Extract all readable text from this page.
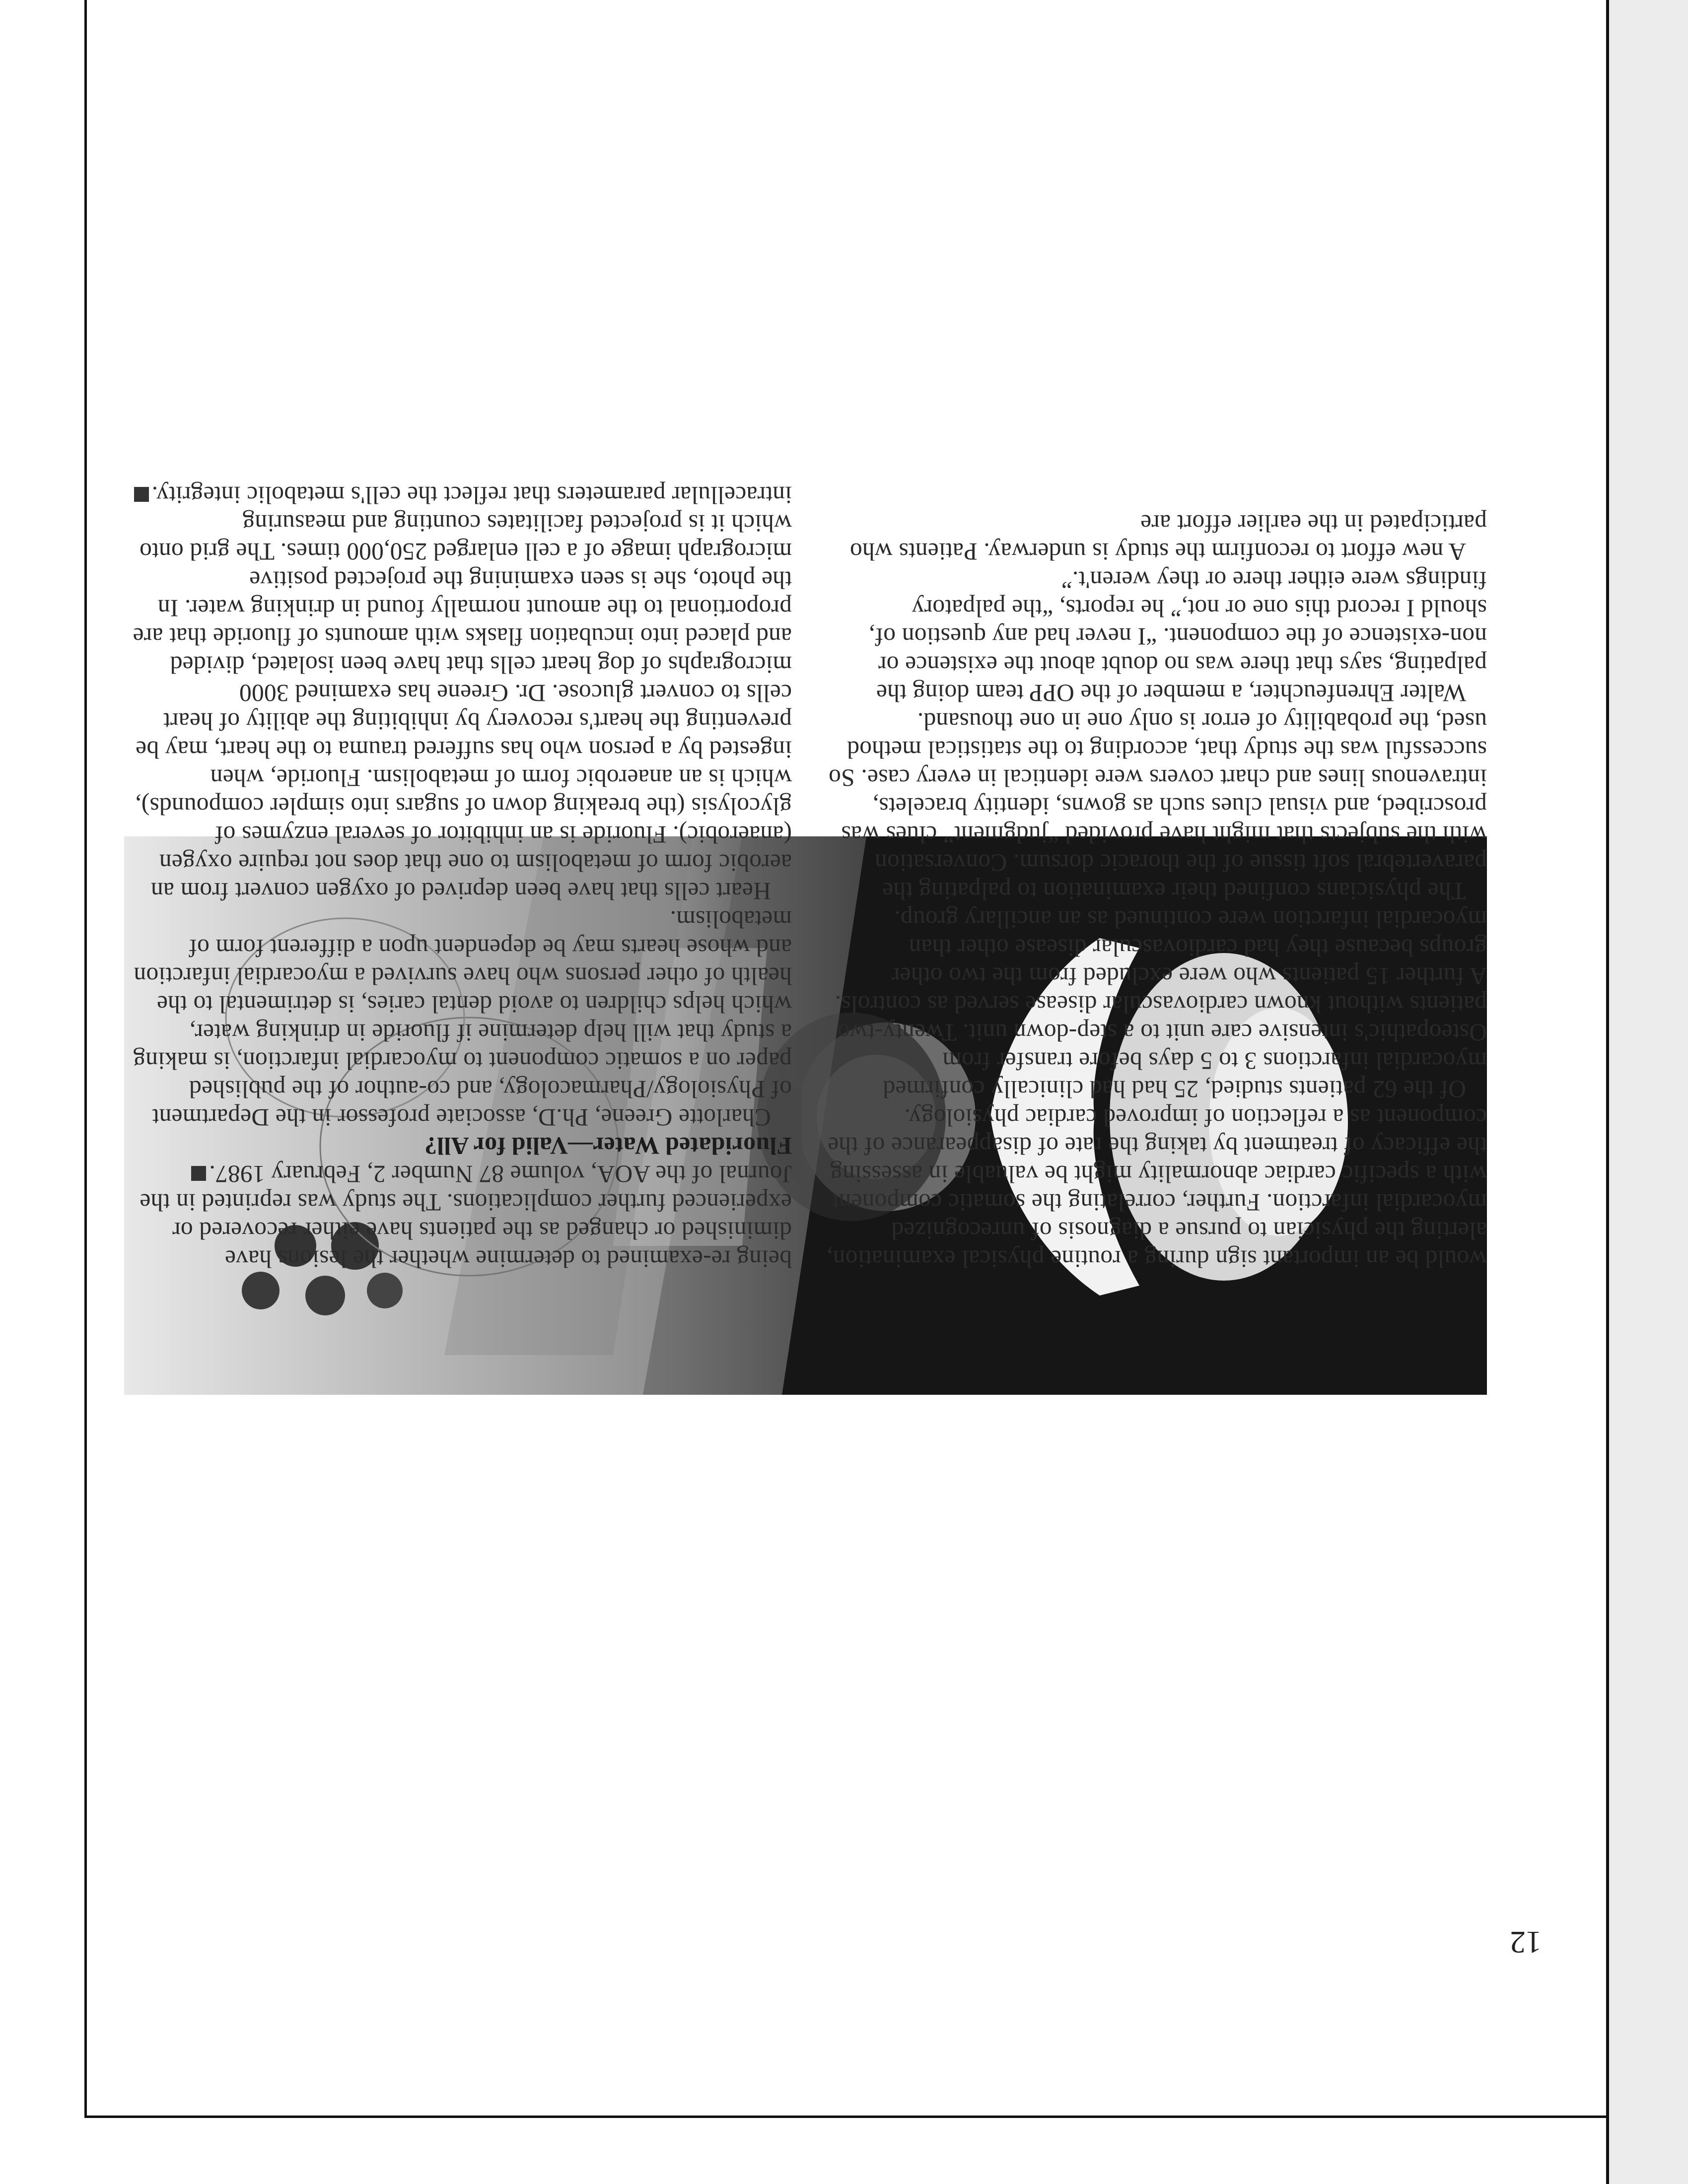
12

would be an important sign during a routine physical examination, alerting the physician to pursue a diagnosis of unrecognized myocardial infarction. Further, correlating the somatic component with a specific cardiac abnormality might be valuable in assessing the efficacy of treatment by taking the rate of disappearance of the component as a reflection of improved cardiac physiology.

Of the 62 patients studied, 25 had had clinically confirmed myocardial infarctions 3 to 5 days before transfer from Osteopathic's intensive care unit to a step-down unit. Twenty-two patients without known cardiovascular disease served as controls. A further 15 patients who were excluded from the two other groups because they had cardiovascular disease other than myocardial infarction were continued as an ancillary group.

The physicians confined their examination to palpating the paravertebral soft tissue of the thoracic dorsum. Conversation with the subjects that might have provided “judgment” clues was proscribed, and visual clues such as gowns, identity bracelets, intravenous lines and chart covers were identical in every case. So successful was the study that, according to the statistical method used, the probability of error is only one in one thousand.

Walter Ehrenfeuchter, a member of the OPP team doing the palpating, says that there was no doubt about the existence or non-existence of the component. “I never had any question of, should I record this one or not,” he reports, “the palpatory findings were either there or they weren't.”

A new effort to reconfirm the study is underway. Patients who participated in the earlier effort are

being re-examined to determine whether the lesions have diminished or changed as the patients have either recovered or experienced further complications. The study was reprinted in the Journal of the AOA, volume 87 Number 2, February 1987.

Fluoridated Water—Valid for All?

Charlotte Greene, Ph.D, associate professor in the Department of Physiology/Pharmacology, and co-author of the published paper on a somatic component to myocardial infarction, is making a study that will help determine if fluoride in drinking water, which helps children to avoid dental caries, is detrimental to the health of other persons who have survived a myocardial infarction and whose hearts may be dependent upon a different form of metabolism.

Heart cells that have been deprived of oxygen convert from an aerobic form of metabolism to one that does not require oxygen (anaerobic). Fluoride is an inhibitor of several enzymes of glycolysis (the breaking down of sugars into simpler compounds), which is an anaerobic form of metabolism. Fluoride, when ingested by a person who has suffered trauma to the heart, may be preventing the heart's recovery by inhibiting the ability of heart cells to convert glucose. Dr. Greene has examined 3000 micrographs of dog heart cells that have been isolated, divided and placed into incubation flasks with amounts of fluoride that are proportional to the amount normally found in drinking water. In the photo, she is seen examining the projected positive micrograph image of a cell enlarged 250,000 times. The grid onto which it is projected facilitates counting and measuring intracellular parameters that reflect the cell's metabolic integrity.
